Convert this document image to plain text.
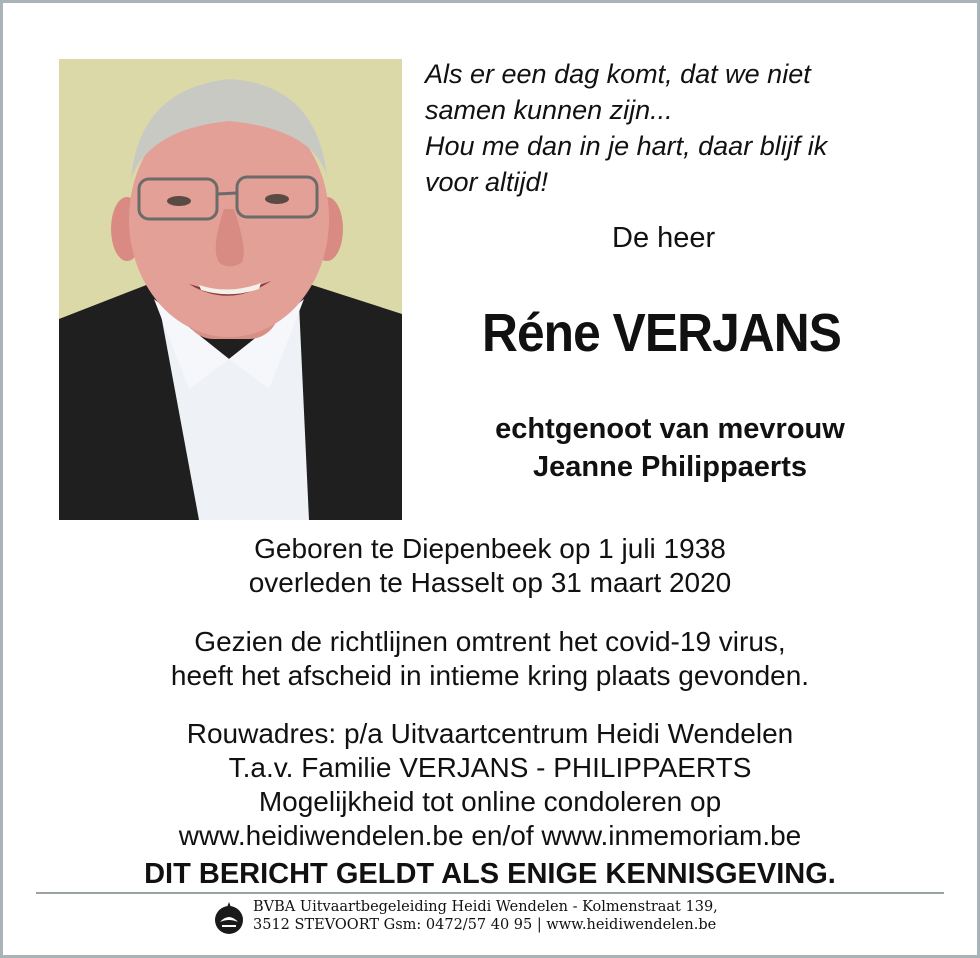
Als er een dag komt, dat we niet
samen kunnen zijn...
Hou me dan in je hart, daar blijf ik
voor altijd!
De heer
Réne VERJANS
echtgenoot van mevrouw
Jeanne Philippaerts
Geboren te Diepenbeek op 1 juli 1938
overleden te Hasselt op 31 maart 2020
Gezien de richtlijnen omtrent het covid-19 virus,
heeft het afscheid in intieme kring plaats gevonden.
Rouwadres: p/a Uitvaartcentrum Heidi Wendelen
T.a.v. Familie VERJANS - PHILIPPAERTS
Mogelijkheid tot online condoleren op
www.heidiwendelen.be en/of www.inmemoriam.be
DIT BERICHT GELDT ALS ENIGE KENNISGEVING.
BVBA Uitvaartbegeleiding Heidi Wendelen - Kolmenstraat 139,
3512 STEVOORT Gsm: 0472/57 40 95 | www.heidiwendelen.be
